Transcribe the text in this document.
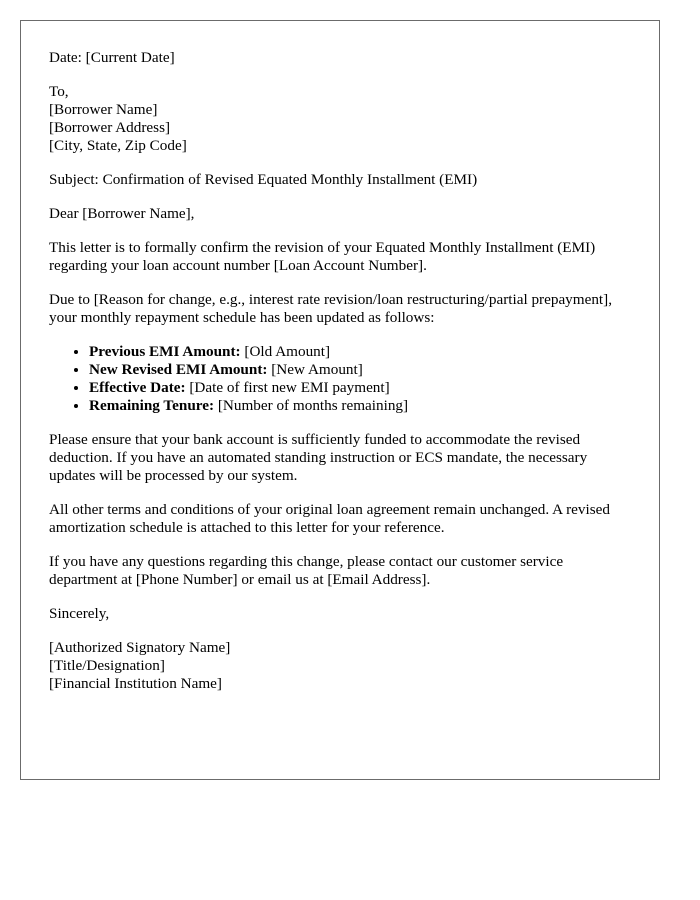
Date: [Current Date]

To,
[Borrower Name]
[Borrower Address]
[City, State, Zip Code]

Subject: Confirmation of Revised Equated Monthly Installment (EMI)

Dear [Borrower Name],

This letter is to formally confirm the revision of your Equated Monthly Installment (EMI) regarding your loan account number [Loan Account Number].

Due to [Reason for change, e.g., interest rate revision/loan restructuring/partial prepayment], your monthly repayment schedule has been updated as follows:

• Previous EMI Amount: [Old Amount]
• New Revised EMI Amount: [New Amount]
• Effective Date: [Date of first new EMI payment]
• Remaining Tenure: [Number of months remaining]

Please ensure that your bank account is sufficiently funded to accommodate the revised deduction. If you have an automated standing instruction or ECS mandate, the necessary updates will be processed by our system.

All other terms and conditions of your original loan agreement remain unchanged. A revised amortization schedule is attached to this letter for your reference.

If you have any questions regarding this change, please contact our customer service department at [Phone Number] or email us at [Email Address].

Sincerely,

[Authorized Signatory Name]
[Title/Designation]
[Financial Institution Name]
